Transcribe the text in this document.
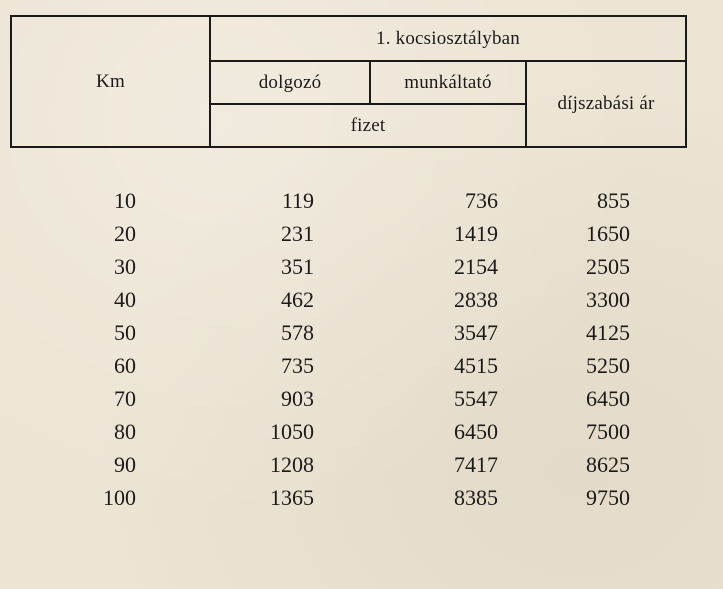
Km
1. kocsiosztályban
dolgozó	munkáltató
fizet
díjszabási ár
10	119	736	855
20	231	1419	1650
30	351	2154	2505
40	462	2838	3300
50	578	3547	4125
60	735	4515	5250
70	903	5547	6450
80	1050	6450	7500
90	1208	7417	8625
100	1365	8385	9750
